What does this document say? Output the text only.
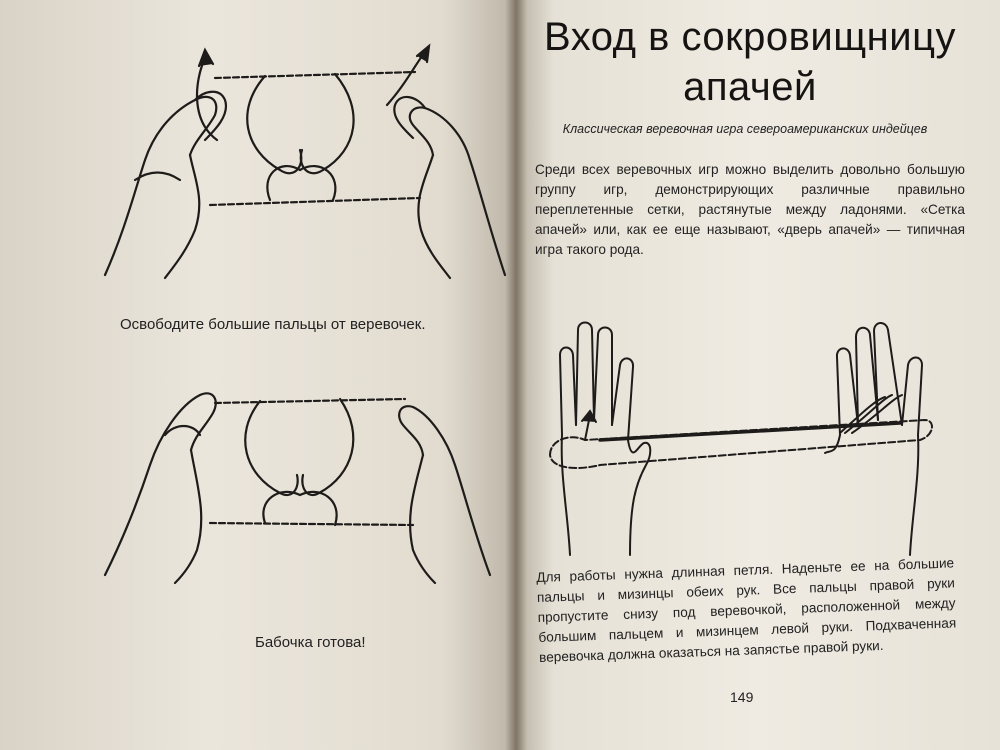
Освободите большие пальцы от веревочек.
Бабочка готова!
Вход в сокровищницу
апачей
Классическая веревочная игра североамериканских индейцев
Среди всех веревочных игр можно выделить довольно большую группу игр, демонстрирующих различные правильно переплетенные сетки, растянутые между ладонями. «Сетка апачей» или, как ее еще называют, «дверь апачей» — типичная игра такого рода.
Для работы нужна длинная петля. Наденьте ее на большие пальцы и мизинцы обеих рук. Все пальцы правой руки пропустите снизу под веревочкой, расположенной между большим пальцем и мизинцем левой руки. Подхваченная веревочка должна оказаться на запястье правой руки.
149
